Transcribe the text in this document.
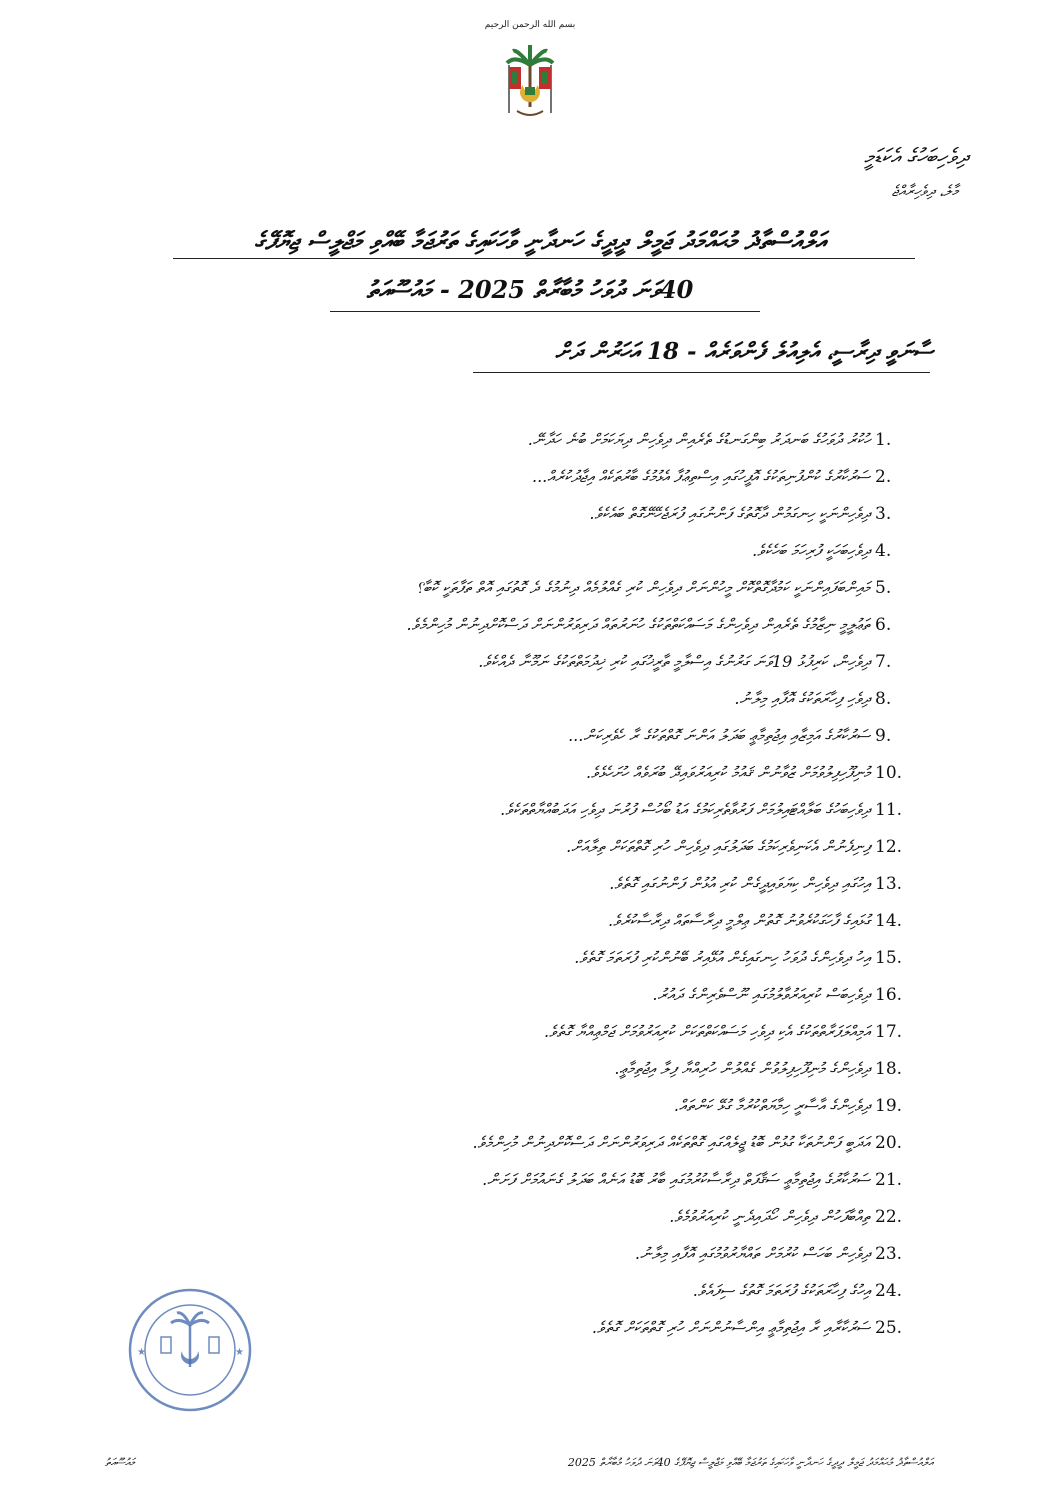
بسم الله الرحمن الرحيم
ދިވެހިބަހުގެ އެކަޑަމީ
މާލެ، ދިވެހިރާއްޖެ
އަލްއުސްތާޛު މުޙައްމަދު ޖަމީލް ދީދީގެ ހަނދާނީ ވާހަކައިގެ ތަރުޖަމާ ބޭއްވި މަޖްލީސް ޖިޔޮފޭގެ
40ވަނަ ދުވަހު މުބާރާތް 2025 - މައުސޫއަތު
ސާނަވީ ދިރާސީ، އެލިއުލެ ފެންވަރެއް - 18 އަހަރުން ދަށް
1.
ހުކުރު ދުވަހުގެ ބަނދަރު ބިންގަނޑުގެ ތެރެއިން ދިވެހިން ދިޔަކަމަށް ބުނެ ހަދާނޭ.
2.
ސަރުކާރުގެ ކުންފުނިތަކުގެ އޮފީހުގައި އިސްތިޢުފާ އެޅުމުގެ ބާރުތަކެއް އިޖާދުކުރެއް...
3.
ދިވެހިންނަކީ ހިނގަމުން ދާގޮތުގެ ފަންނުގައި ފުރަޖެހޭނޭގޮތް ބައެކެވެ.
4.
ދިވެހިބަހަކީ ފުރިހަމަ ބަހެކެވެ.
5.
މައިންބަފައިންނަކީ ކަމުދާގޮތްކޮށް މީހުންނަށް ދިވެހިން ކުރި ގެއްލުމެއް ދިނުމުގެ ދެ ގޮތުގައި އޮތް ތަފާތަކީ ކޮބާ؟
6.
ތަޢުލީމީ ނިޒާމުގެ ތެރެއިން ދިވެހިންގެ މަސައްކަތްތަކުގެ ހުނަރުތައް ދަރިވަރުންނަށް ދަސްކޮށްދިނުން މުހިންމެވެ.
7.
ދިވެހިން، ކަރިފުޅު 19ވަނަ ގަރުނުގެ އިސްލާމީ ތާރީޚުގައި ކުރި ޚިދުމަތްތަކުގެ ނަމޫނާ ދެއްކެވެ.
8.
ދިވެހި ފިހާރަތަކުގެ އޮފާއި މިލާނު.
9.
ސަރުކާރުގެ އަމިޒާއި އިޖުތިމާޢީ ބަދަލު އަންނަ ގޮތްތަކުގެ ރާ ހެވެރިކަން...
10.
މުނިފޫހިފިލުވުމަށް ޒުވާނުން ޤައުމު ކުރިއަރުވައިދޭ ބުރަވެއް ހުށަހެޅެވެ.
11.
ދިވެހިބަހުގެ ބަލާއްޓައިލުމަށް ފަރުވާތެރިކަމުގެ އަޑު ބޯހުސް ފުރުނަ ދިވެހި އަދަބުއްޔާތްތަކެވެ.
12.
ފިނިފެނުން އެކަނިވެރިކަމުގެ ބަދަލުގައި ދިވެހިން ހުރި ގޮތްތަކަށް ތިލާއަށް.
13.
އިހުގައި ދިވެހިން ކިޔަވައިދީގެން ކުރި އުޅުން ފަންނުގައި ގޮތެވެ.
14.
ގުޅައިގެ ފާހަގަކުރެވުނު ގޮތުން ޢިލްމީ ދިރާސާތައް ދިރާސާކުރެވެ.
15.
އިހު ދިވެހިންގެ ދުވަހު ހިނގައިގެން އުޅޭއިރު ބޭނުންކުރި ފުރަތަމަ ގޮތެވެ.
16.
ދިވެހިބަސް ކުރިއަރުވާލުމުގައި ނޫސްވެރިންގެ ދައުރު.
17.
އަމިއްލަފަރާތްތަކުގެ އެކި ދިވެހި މަސައްކަތްތަކަށް ކުރިއަރުވުމަށް ޖަމްޢިއްޔާ ގޮތެވެ.
18.
ދިވެހިންގެ މުނިފޫހިފިލުވުން ގެއްލުން ހުރިއްޔާ ފިލާ އިޖުތިމާޢީ.
19.
ދިވެހިންގެ އާސާރީ ހިމާޔަތްކުރުމާ ގުޅޭ ކަންތައް.
20.
އަދަބީ ފަންނުތަކާ ގުޅުން ބޮޑު ޖީލެއްގައި ގޮތްތަކެއް ދަރިވަރުންނަށް ދަސްކޮށްދިނުން މުހިންމެވެ.
21.
ސަރުކާރުގެ އިޖުތިމާޢީ ސަޤާފަތް ދިރާސާކުރުމުގައި ބާރު ބޮޑު އަނެއް ބަދަލު ގެނައުމަށް ފަށަން.
22.
ތިއްބާފަހުން ދިވެހިން ހޯދައިދެނީ ކުރިއަރުވުމެވެ.
23.
ދިވެހިން ބަހަސް ކުރުމަށް ތައްޔާރުވުމުގައި އޮފާއި މިލާނު.
24.
އިހުގެ ފިހާރަތަކުގެ ފުރަތަމަ ގޮތުގެ ސިފައެވެ.
25.
ސަރުކާރާއި ރާ އިޖުތިމާޢީ އިންސާނުންނަށް ހުރި ގޮތްތަކަށް ގޮތެވެ.
★	★
މައުސޫއަތު	އަލްއުސްތާޛު މުޙައްމަދު ޖަމީލް ދީދީގެ ހަނދާނީ ވާހަކައިގެ ތަރުޖަމާ ބޭއްވި މަޖްލީސް ޖިޔޮފޭގެ 40ވަނަ ދުވަހު މުބާރާތް 2025
